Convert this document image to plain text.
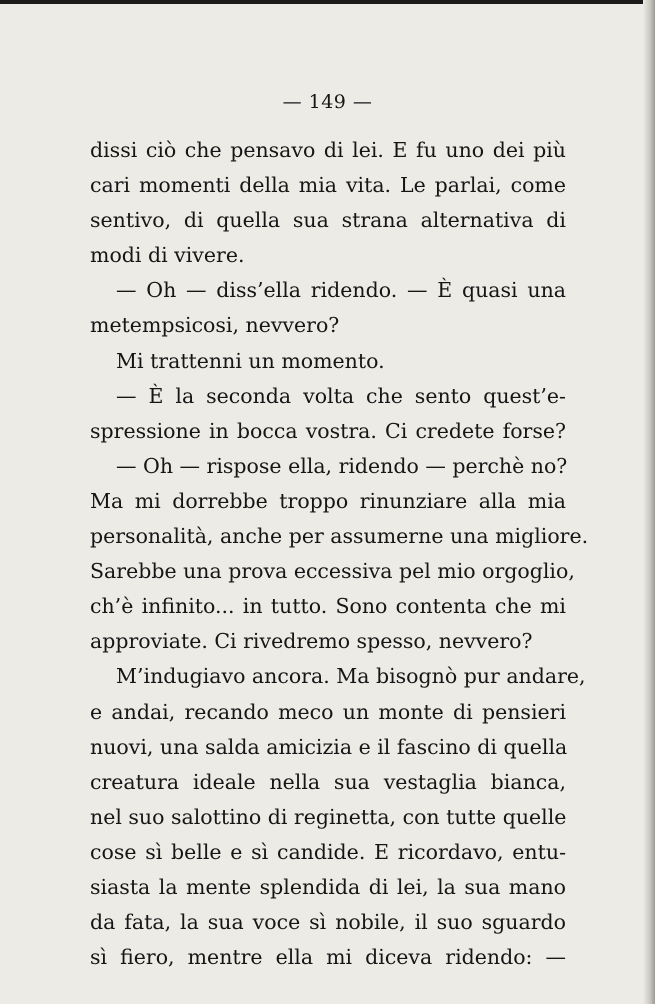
— 149 —
dissi ciò che pensavo di lei. E fu uno dei più
cari momenti della mia vita. Le parlai, come
sentivo, di quella sua strana alternativa di
modi di vivere.
— Oh — diss’ella ridendo. — È quasi una
metempsicosi, nevvero?
Mi trattenni un momento.
— È la seconda volta che sento quest’e-
spressione in bocca vostra. Ci credete forse?
— Oh — rispose ella, ridendo — perchè no?
Ma mi dorrebbe troppo rinunziare alla mia
personalità, anche per assumerne una migliore.
Sarebbe una prova eccessiva pel mio orgoglio,
ch’è infinito... in tutto. Sono contenta che mi
approviate. Ci rivedremo spesso, nevvero?
M’indugiavo ancora. Ma bisognò pur andare,
e andai, recando meco un monte di pensieri
nuovi, una salda amicizia e il fascino di quella
creatura ideale nella sua vestaglia bianca,
nel suo salottino di reginetta, con tutte quelle
cose sì belle e sì candide. E ricordavo, entu-
siasta la mente splendida di lei, la sua mano
da fata, la sua voce sì nobile, il suo sguardo
sì fiero, mentre ella mi diceva ridendo: —
